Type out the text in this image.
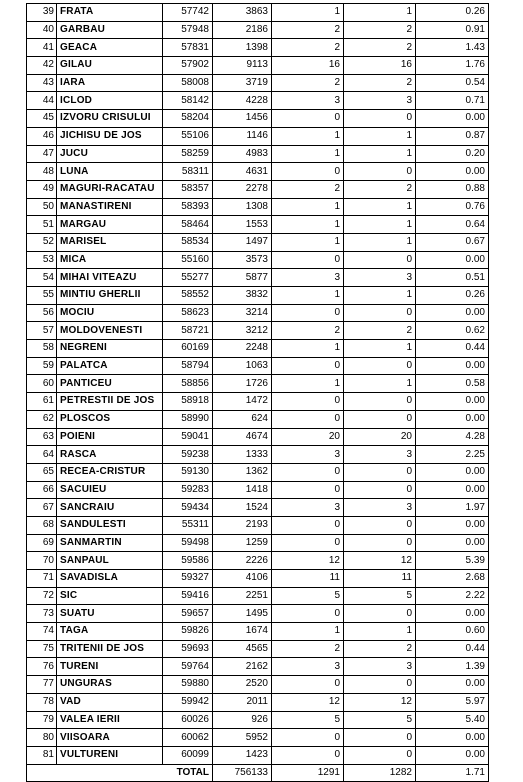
39	FRATA	57742	3863	1	1	0.26
40	GARBAU	57948	2186	2	2	0.91
41	GEACA	57831	1398	2	2	1.43
42	GILAU	57902	9113	16	16	1.76
43	IARA	58008	3719	2	2	0.54
44	ICLOD	58142	4228	3	3	0.71
45	IZVORU CRISULUI	58204	1456	0	0	0.00
46	JICHISU DE JOS	55106	1146	1	1	0.87
47	JUCU	58259	4983	1	1	0.20
48	LUNA	58311	4631	0	0	0.00
49	MAGURI-RACATAU	58357	2278	2	2	0.88
50	MANASTIRENI	58393	1308	1	1	0.76
51	MARGAU	58464	1553	1	1	0.64
52	MARISEL	58534	1497	1	1	0.67
53	MICA	55160	3573	0	0	0.00
54	MIHAI VITEAZU	55277	5877	3	3	0.51
55	MINTIU GHERLII	58552	3832	1	1	0.26
56	MOCIU	58623	3214	0	0	0.00
57	MOLDOVENESTI	58721	3212	2	2	0.62
58	NEGRENI	60169	2248	1	1	0.44
59	PALATCA	58794	1063	0	0	0.00
60	PANTICEU	58856	1726	1	1	0.58
61	PETRESTII DE JOS	58918	1472	0	0	0.00
62	PLOSCOS	58990	624	0	0	0.00
63	POIENI	59041	4674	20	20	4.28
64	RASCA	59238	1333	3	3	2.25
65	RECEA-CRISTUR	59130	1362	0	0	0.00
66	SACUIEU	59283	1418	0	0	0.00
67	SANCRAIU	59434	1524	3	3	1.97
68	SANDULESTI	55311	2193	0	0	0.00
69	SANMARTIN	59498	1259	0	0	0.00
70	SANPAUL	59586	2226	12	12	5.39
71	SAVADISLA	59327	4106	11	11	2.68
72	SIC	59416	2251	5	5	2.22
73	SUATU	59657	1495	0	0	0.00
74	TAGA	59826	1674	1	1	0.60
75	TRITENII DE JOS	59693	4565	2	2	0.44
76	TURENI	59764	2162	3	3	1.39
77	UNGURAS	59880	2520	0	0	0.00
78	VAD	59942	2011	12	12	5.97
79	VALEA IERII	60026	926	5	5	5.40
80	VIISOARA	60062	5952	0	0	0.00
81	VULTURENI	60099	1423	0	0	0.00
	TOTAL		756133	1291	1282	1.71
